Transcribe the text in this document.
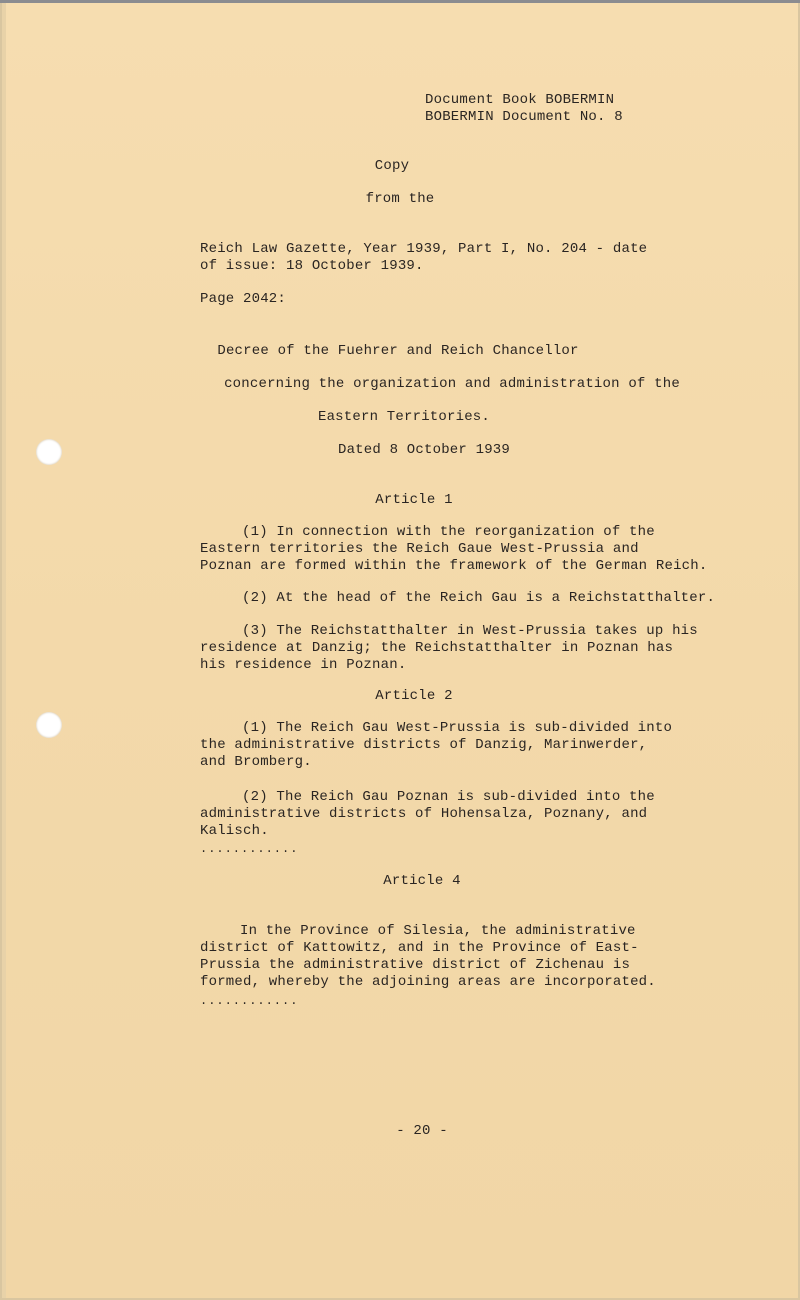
Document Book BOBERMIN
BOBERMIN Document No. 8
Copy
from the
Reich Law Gazette, Year 1939, Part I, No. 204 - date
of issue: 18 October 1939.
Page 2042:
Decree of the Fuehrer and Reich Chancellor
concerning the organization and administration of the
Eastern Territories.
Dated 8 October 1939
Article 1
(1) In connection with the reorganization of the
Eastern territories the Reich Gaue West-Prussia and
Poznan are formed within the framework of the German Reich.
(2) At the head of the Reich Gau is a Reichstatthalter.
(3) The Reichstatthalter in West-Prussia takes up his
residence at Danzig; the Reichstatthalter in Poznan has
his residence in Poznan.
Article 2
(1) The Reich Gau West-Prussia is sub-divided into
the administrative districts of Danzig, Marinwerder,
and Bromberg.
(2) The Reich Gau Poznan is sub-divided into the
administrative districts of Hohensalza, Poznany, and
Kalisch.
............
Article 4
In the Province of Silesia, the administrative
district of Kattowitz, and in the Province of East-
Prussia the administrative district of Zichenau is
formed, whereby the adjoining areas are incorporated.
............
- 20 -
